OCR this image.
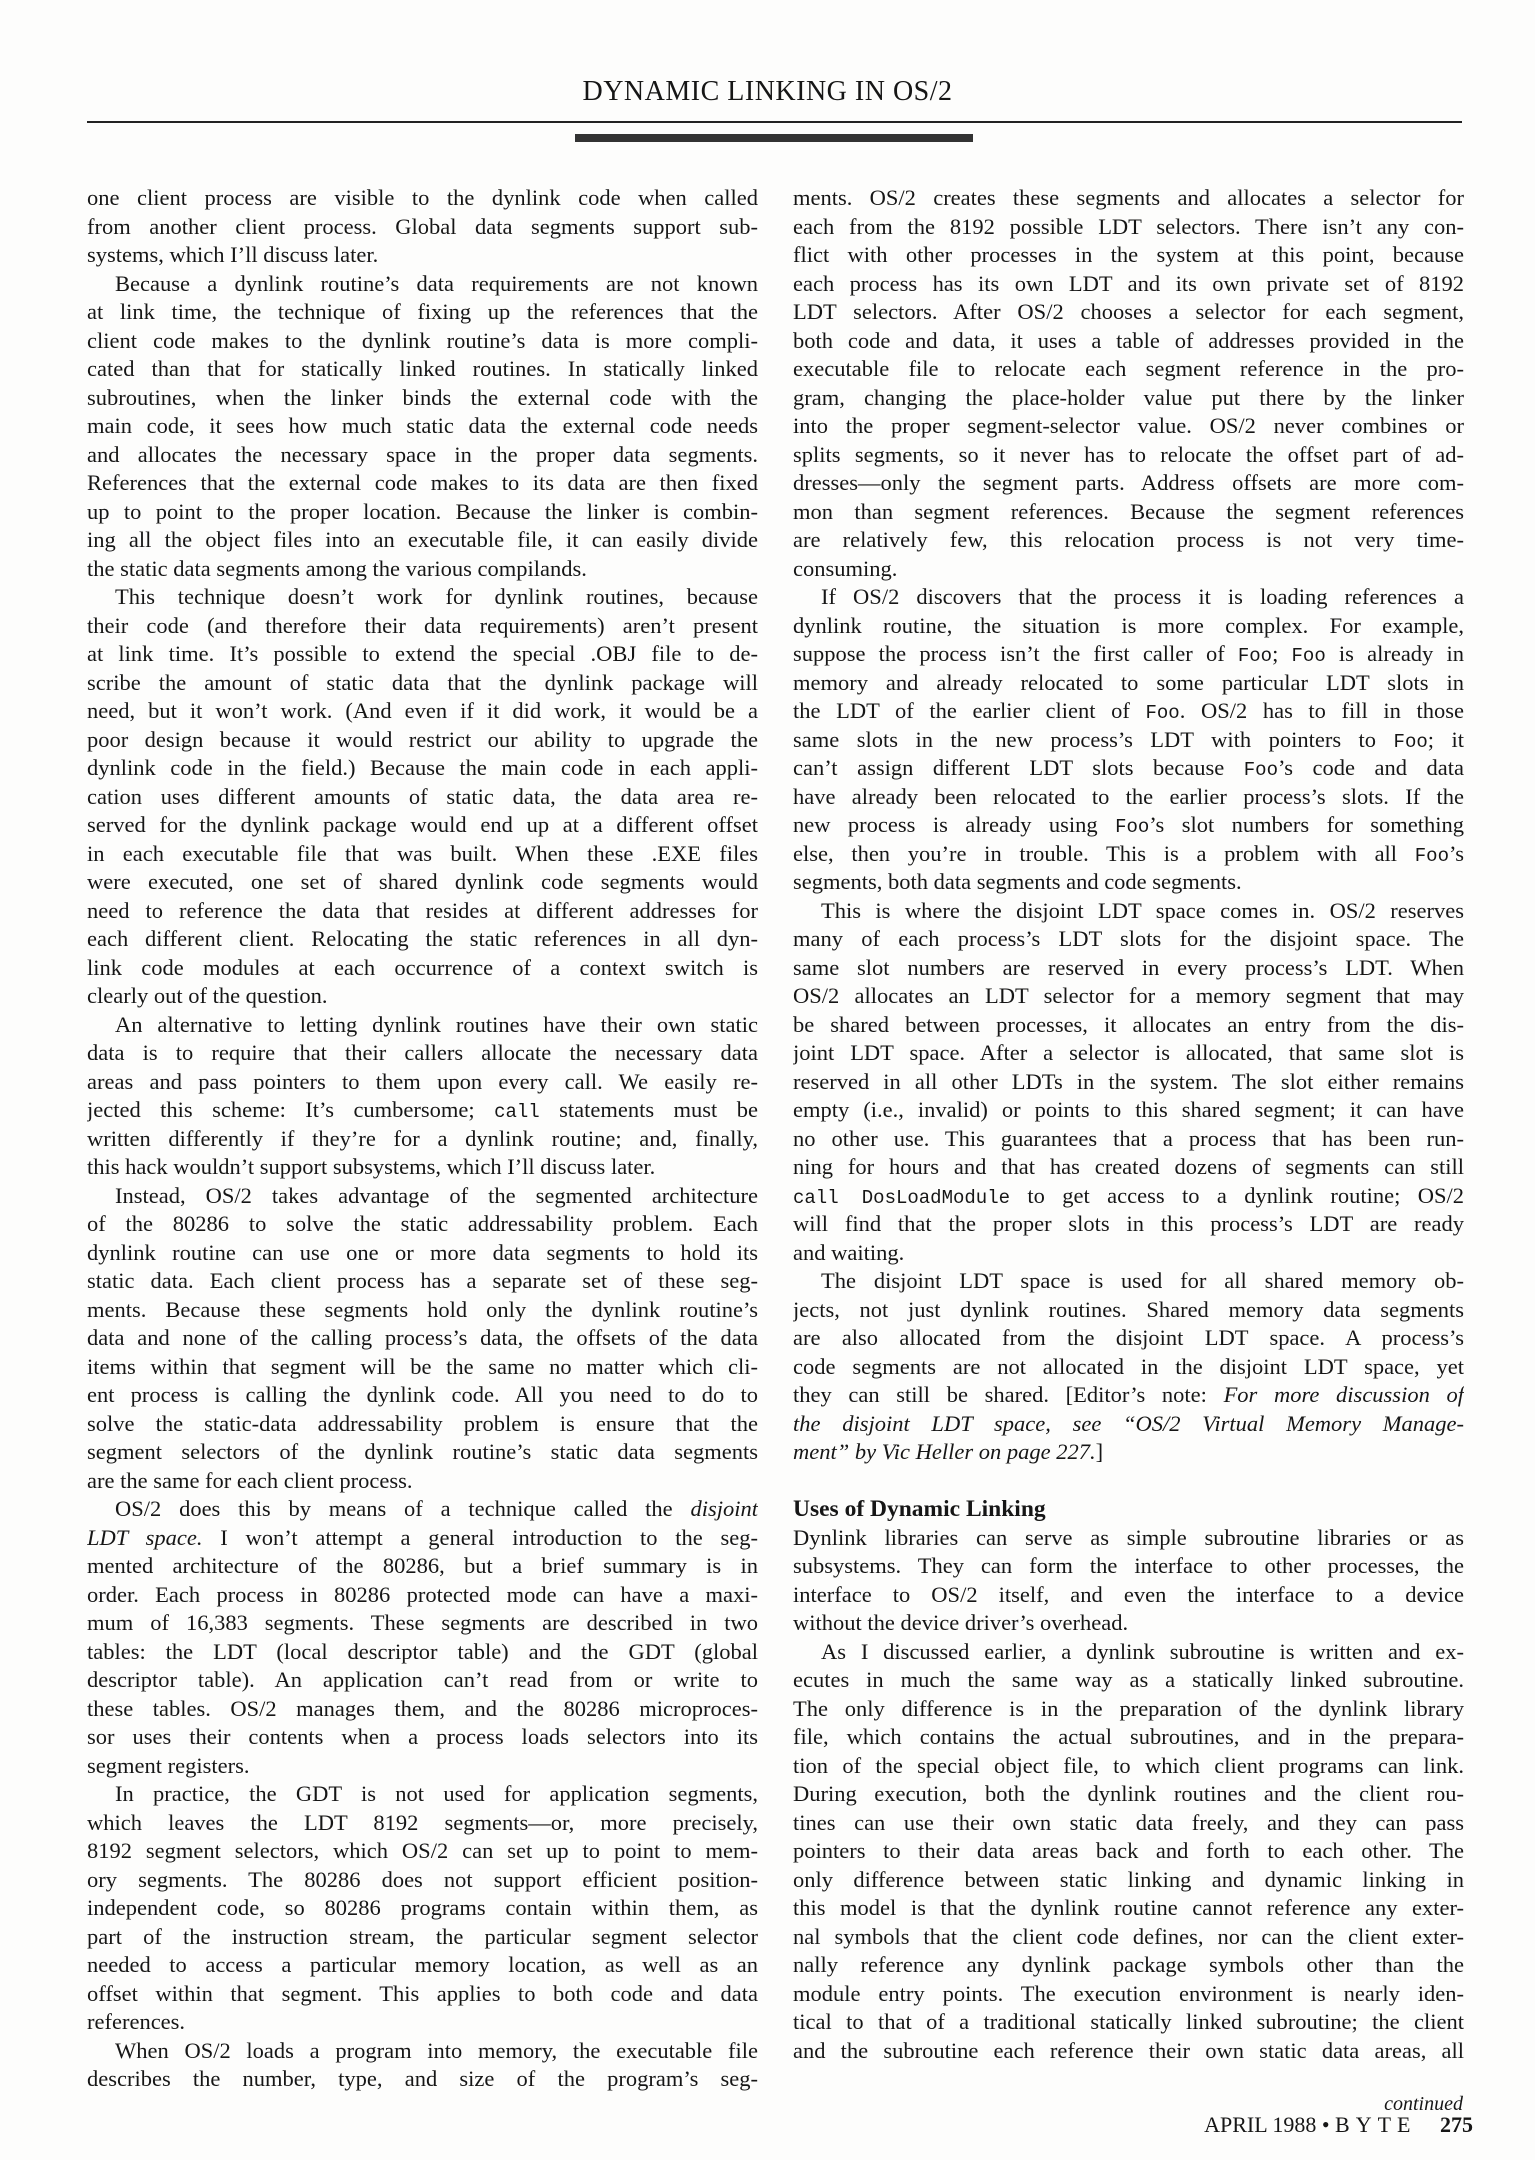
DYNAMIC LINKING IN OS/2
one client process are visible to the dynlink code when called
from another client process. Global data segments support sub-
systems, which I’ll discuss later.
Because a dynlink routine’s data requirements are not known
at link time, the technique of fixing up the references that the
client code makes to the dynlink routine’s data is more compli-
cated than that for statically linked routines. In statically linked
subroutines, when the linker binds the external code with the
main code, it sees how much static data the external code needs
and allocates the necessary space in the proper data segments.
References that the external code makes to its data are then fixed
up to point to the proper location. Because the linker is combin-
ing all the object files into an executable file, it can easily divide
the static data segments among the various compilands.
This technique doesn’t work for dynlink routines, because
their code (and therefore their data requirements) aren’t present
at link time. It’s possible to extend the special .OBJ file to de-
scribe the amount of static data that the dynlink package will
need, but it won’t work. (And even if it did work, it would be a
poor design because it would restrict our ability to upgrade the
dynlink code in the field.) Because the main code in each appli-
cation uses different amounts of static data, the data area re-
served for the dynlink package would end up at a different offset
in each executable file that was built. When these .EXE files
were executed, one set of shared dynlink code segments would
need to reference the data that resides at different addresses for
each different client. Relocating the static references in all dyn-
link code modules at each occurrence of a context switch is
clearly out of the question.
An alternative to letting dynlink routines have their own static
data is to require that their callers allocate the necessary data
areas and pass pointers to them upon every call. We easily re-
jected this scheme: It’s cumbersome; call statements must be
written differently if they’re for a dynlink routine; and, finally,
this hack wouldn’t support subsystems, which I’ll discuss later.
Instead, OS/2 takes advantage of the segmented architecture
of the 80286 to solve the static addressability problem. Each
dynlink routine can use one or more data segments to hold its
static data. Each client process has a separate set of these seg-
ments. Because these segments hold only the dynlink routine’s
data and none of the calling process’s data, the offsets of the data
items within that segment will be the same no matter which cli-
ent process is calling the dynlink code. All you need to do to
solve the static-data addressability problem is ensure that the
segment selectors of the dynlink routine’s static data segments
are the same for each client process.
OS/2 does this by means of a technique called the disjoint
LDT space. I won’t attempt a general introduction to the seg-
mented architecture of the 80286, but a brief summary is in
order. Each process in 80286 protected mode can have a maxi-
mum of 16,383 segments. These segments are described in two
tables: the LDT (local descriptor table) and the GDT (global
descriptor table). An application can’t read from or write to
these tables. OS/2 manages them, and the 80286 microproces-
sor uses their contents when a process loads selectors into its
segment registers.
In practice, the GDT is not used for application segments,
which leaves the LDT 8192 segments—or, more precisely,
8192 segment selectors, which OS/2 can set up to point to mem-
ory segments. The 80286 does not support efficient position-
independent code, so 80286 programs contain within them, as
part of the instruction stream, the particular segment selector
needed to access a particular memory location, as well as an
offset within that segment. This applies to both code and data
references.
When OS/2 loads a program into memory, the executable file
describes the number, type, and size of the program’s seg-
ments. OS/2 creates these segments and allocates a selector for
each from the 8192 possible LDT selectors. There isn’t any con-
flict with other processes in the system at this point, because
each process has its own LDT and its own private set of 8192
LDT selectors. After OS/2 chooses a selector for each segment,
both code and data, it uses a table of addresses provided in the
executable file to relocate each segment reference in the pro-
gram, changing the place-holder value put there by the linker
into the proper segment-selector value. OS/2 never combines or
splits segments, so it never has to relocate the offset part of ad-
dresses—only the segment parts. Address offsets are more com-
mon than segment references. Because the segment references
are relatively few, this relocation process is not very time-
consuming.
If OS/2 discovers that the process it is loading references a
dynlink routine, the situation is more complex. For example,
suppose the process isn’t the first caller of Foo; Foo is already in
memory and already relocated to some particular LDT slots in
the LDT of the earlier client of Foo. OS/2 has to fill in those
same slots in the new process’s LDT with pointers to Foo; it
can’t assign different LDT slots because Foo’s code and data
have already been relocated to the earlier process’s slots. If the
new process is already using Foo’s slot numbers for something
else, then you’re in trouble. This is a problem with all Foo’s
segments, both data segments and code segments.
This is where the disjoint LDT space comes in. OS/2 reserves
many of each process’s LDT slots for the disjoint space. The
same slot numbers are reserved in every process’s LDT. When
OS/2 allocates an LDT selector for a memory segment that may
be shared between processes, it allocates an entry from the dis-
joint LDT space. After a selector is allocated, that same slot is
reserved in all other LDTs in the system. The slot either remains
empty (i.e., invalid) or points to this shared segment; it can have
no other use. This guarantees that a process that has been run-
ning for hours and that has created dozens of segments can still
call DosLoadModule to get access to a dynlink routine; OS/2
will find that the proper slots in this process’s LDT are ready
and waiting.
The disjoint LDT space is used for all shared memory ob-
jects, not just dynlink routines. Shared memory data segments
are also allocated from the disjoint LDT space. A process’s
code segments are not allocated in the disjoint LDT space, yet
they can still be shared. [Editor’s note: For more discussion of
the disjoint LDT space, see “OS/2 Virtual Memory Manage-
ment” by Vic Heller on page 227.]
Uses of Dynamic Linking
Dynlink libraries can serve as simple subroutine libraries or as
subsystems. They can form the interface to other processes, the
interface to OS/2 itself, and even the interface to a device
without the device driver’s overhead.
As I discussed earlier, a dynlink subroutine is written and ex-
ecutes in much the same way as a statically linked subroutine.
The only difference is in the preparation of the dynlink library
file, which contains the actual subroutines, and in the prepara-
tion of the special object file, to which client programs can link.
During execution, both the dynlink routines and the client rou-
tines can use their own static data freely, and they can pass
pointers to their data areas back and forth to each other. The
only difference between static linking and dynamic linking in
this model is that the dynlink routine cannot reference any exter-
nal symbols that the client code defines, nor can the client exter-
nally reference any dynlink package symbols other than the
module entry points. The execution environment is nearly iden-
tical to that of a traditional statically linked subroutine; the client
and the subroutine each reference their own static data areas, all
continued
APRIL 1988 • BYTE 275
